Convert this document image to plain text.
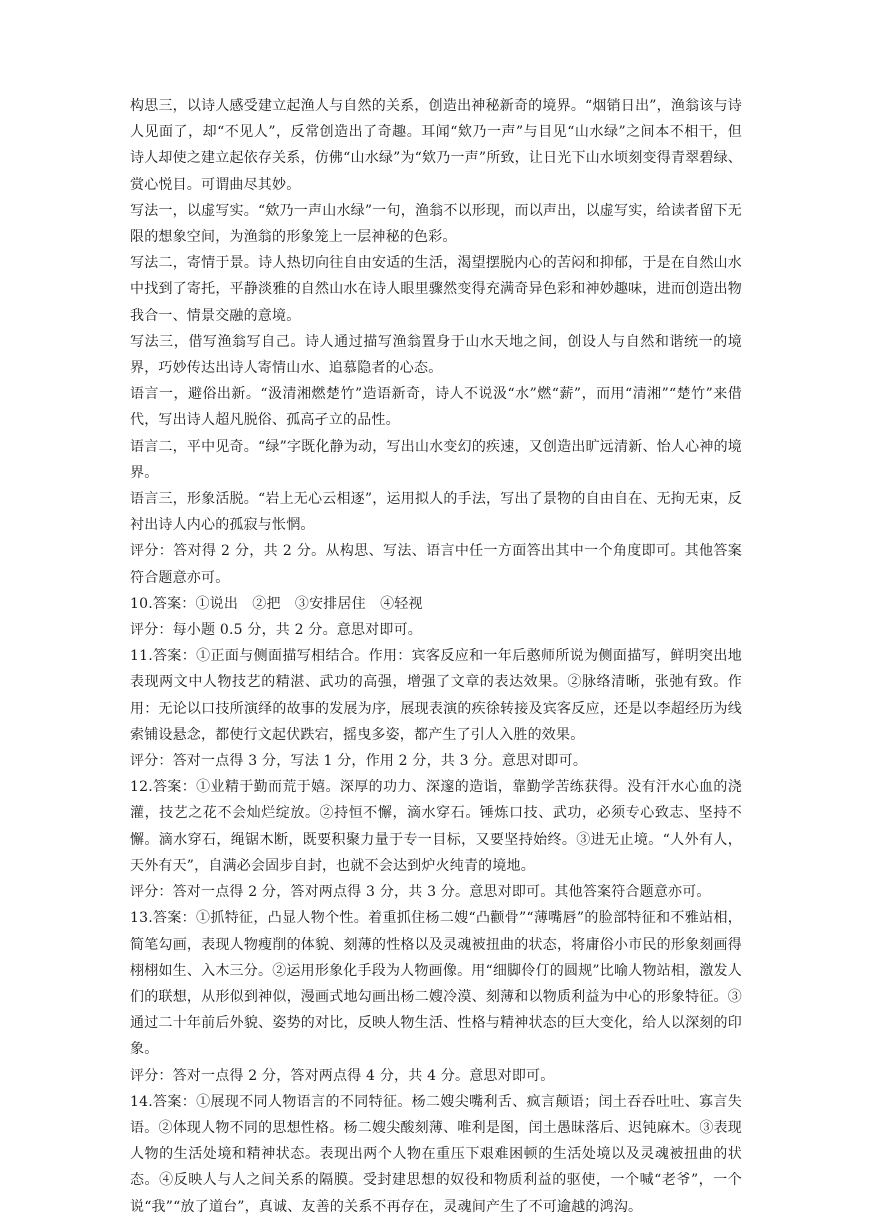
构思三，以诗人感受建立起渔人与自然的关系，创造出神秘新奇的境界。“烟销日出”，渔翁该与诗人见面了，却“不见人”，反常创造出了奇趣。耳闻“欸乃一声”与目见“山水绿”之间本不相干，但诗人却使之建立起依存关系，仿佛“山水绿”为“欸乃一声”所致，让日光下山水顷刻变得青翠碧绿、赏心悦目。可谓曲尽其妙。

写法一，以虚写实。“欸乃一声山水绿”一句，渔翁不以形现，而以声出，以虚写实，给读者留下无限的想象空间，为渔翁的形象笼上一层神秘的色彩。

写法二，寄情于景。诗人热切向往自由安适的生活，渴望摆脱内心的苦闷和抑郁，于是在自然山水中找到了寄托，平静淡雅的自然山水在诗人眼里骤然变得充满奇异色彩和神妙趣味，进而创造出物我合一、情景交融的意境。

写法三，借写渔翁写自己。诗人通过描写渔翁置身于山水天地之间，创设人与自然和谐统一的境界，巧妙传达出诗人寄情山水、追慕隐者的心态。

语言一，避俗出新。“汲清湘燃楚竹”造语新奇，诗人不说汲“水”燃“薪”，而用“清湘”“楚竹”来借代，写出诗人超凡脱俗、孤高孑立的品性。

语言二，平中见奇。“绿”字既化静为动，写出山水变幻的疾速，又创造出旷远清新、怡人心神的境界。

语言三，形象活脱。“岩上无心云相逐”，运用拟人的手法，写出了景物的自由自在、无拘无束，反衬出诗人内心的孤寂与怅惘。

评分：答对得 2 分，共 2 分。从构思、写法、语言中任一方面答出其中一个角度即可。其他答案符合题意亦可。

10.答案：①说出　②把　③安排居住　④轻视

评分：每小题 0.5 分，共 2 分。意思对即可。

11.答案：①正面与侧面描写相结合。作用：宾客反应和一年后憨师所说为侧面描写，鲜明突出地表现两文中人物技艺的精湛、武功的高强，增强了文章的表达效果。②脉络清晰，张弛有致。作用：无论以口技所演绎的故事的发展为序，展现表演的疾徐转接及宾客反应，还是以李超经历为线索铺设悬念，都使行文起伏跌宕，摇曳多姿，都产生了引人入胜的效果。

评分：答对一点得 3 分，写法 1 分，作用 2 分，共 3 分。意思对即可。

12.答案：①业精于勤而荒于嬉。深厚的功力、深邃的造诣，靠勤学苦练获得。没有汗水心血的浇灌，技艺之花不会灿烂绽放。②持恒不懈，滴水穿石。锤炼口技、武功，必须专心致志、坚持不懈。滴水穿石，绳锯木断，既要积聚力量于专一目标，又要坚持始终。③进无止境。“人外有人，天外有天”，自满必会固步自封，也就不会达到炉火纯青的境地。

评分：答对一点得 2 分，答对两点得 3 分，共 3 分。意思对即可。其他答案符合题意亦可。

13.答案：①抓特征，凸显人物个性。着重抓住杨二嫂“凸颧骨”“薄嘴唇”的脸部特征和不雅站相，简笔勾画，表现人物瘦削的体貌、刻薄的性格以及灵魂被扭曲的状态，将庸俗小市民的形象刻画得栩栩如生、入木三分。②运用形象化手段为人物画像。用“细脚伶仃的圆规”比喻人物站相，激发人们的联想，从形似到神似，漫画式地勾画出杨二嫂冷漠、刻薄和以物质利益为中心的形象特征。③通过二十年前后外貌、姿势的对比，反映人物生活、性格与精神状态的巨大变化，给人以深刻的印象。

评分：答对一点得 2 分，答对两点得 4 分，共 4 分。意思对即可。

14.答案：①展现不同人物语言的不同特征。杨二嫂尖嘴利舌、疯言颠语；闰土吞吞吐吐、寡言失语。②体现人物不同的思想性格。杨二嫂尖酸刻薄、唯利是图，闰土愚昧落后、迟钝麻木。③表现人物的生活处境和精神状态。表现出两个人物在重压下艰难困顿的生活处境以及灵魂被扭曲的状态。④反映人与人之间关系的隔膜。受封建思想的奴役和物质利益的驱使，一个喊“老爷”，一个说“我”“放了道台”，真诚、友善的关系不再存在，灵魂间产生了不可逾越的鸿沟。
